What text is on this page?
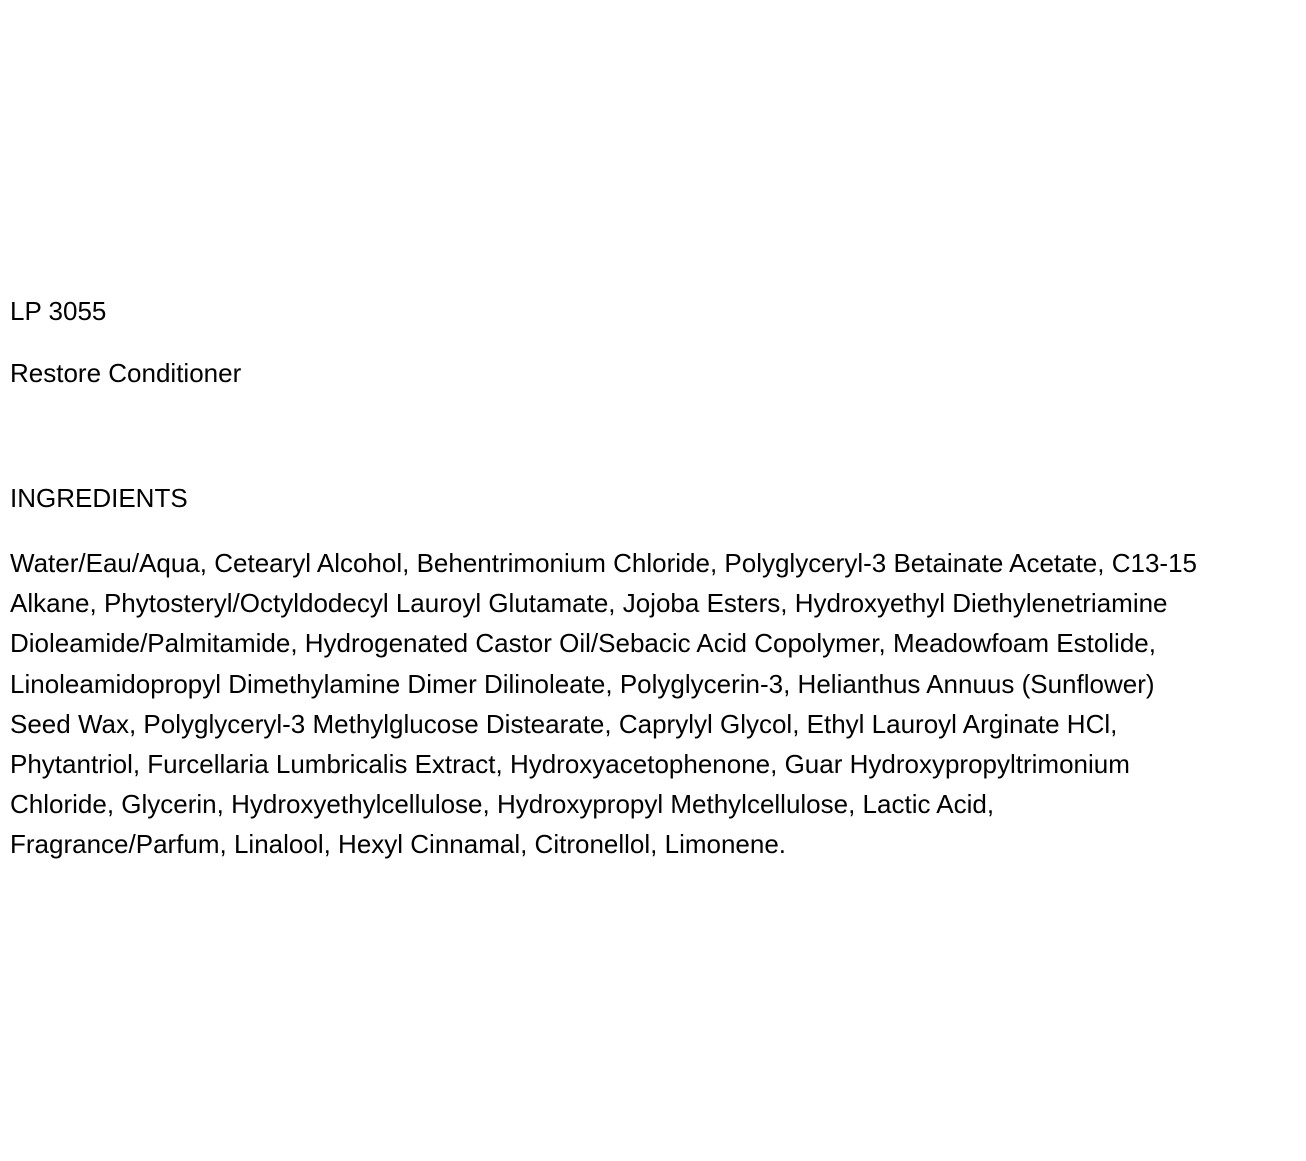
LP 3055
Restore Conditioner
INGREDIENTS
Water/Eau/Aqua, Cetearyl Alcohol, Behentrimonium Chloride, Polyglyceryl-3 Betainate Acetate, C13-15
Alkane, Phytosteryl/Octyldodecyl Lauroyl Glutamate, Jojoba Esters, Hydroxyethyl Diethylenetriamine
Dioleamide/Palmitamide, Hydrogenated Castor Oil/Sebacic Acid Copolymer, Meadowfoam Estolide,
Linoleamidopropyl Dimethylamine Dimer Dilinoleate, Polyglycerin-3, Helianthus Annuus (Sunflower)
Seed Wax, Polyglyceryl-3 Methylglucose Distearate, Caprylyl Glycol, Ethyl Lauroyl Arginate HCl,
Phytantriol, Furcellaria Lumbricalis Extract, Hydroxyacetophenone, Guar Hydroxypropyltrimonium
Chloride, Glycerin, Hydroxyethylcellulose, Hydroxypropyl Methylcellulose, Lactic Acid,
Fragrance/Parfum, Linalool, Hexyl Cinnamal, Citronellol, Limonene.
